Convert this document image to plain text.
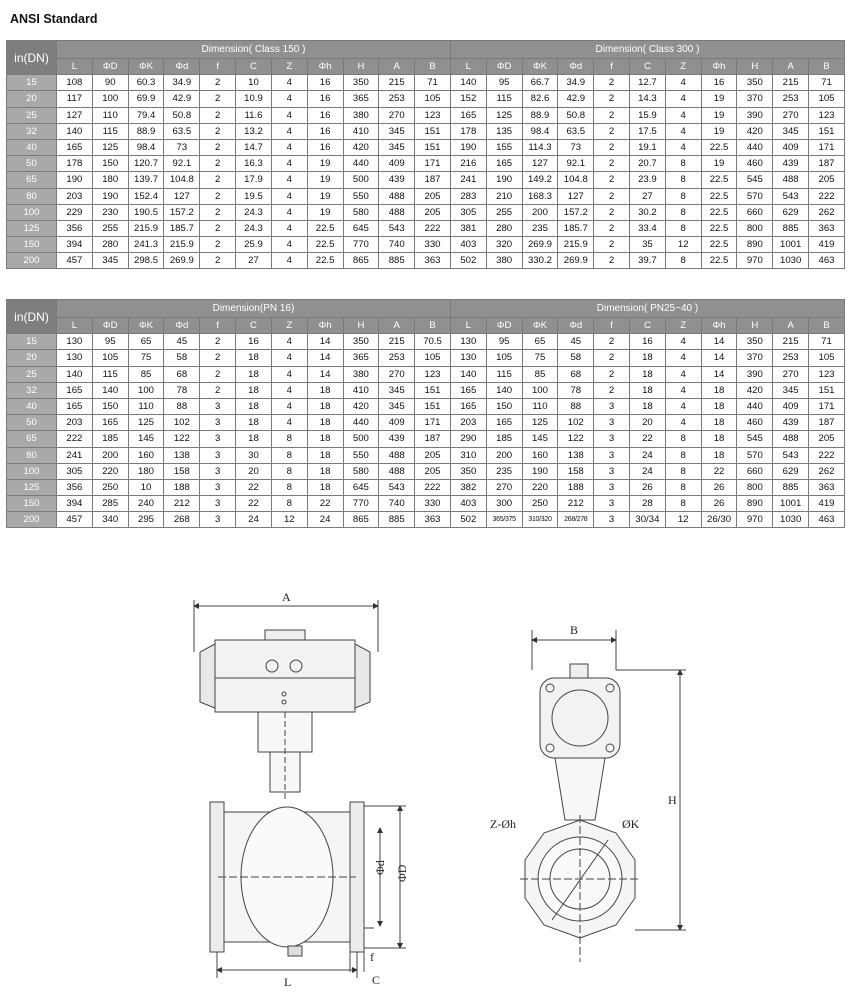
ANSI Standard
in(DN)	Dimension( Class 150 )											Dimension( Class 300 )										
	L	ΦD	ΦK	Φd	f	C	Z	Φh	H	A	B	L	ΦD	ΦK	Φd	f	C	Z	Φh	H	A	B
15	108	90	60.3	34.9	2	10	4	16	350	215	71	140	95	66.7	34.9	2	12.7	4	16	350	215	71
20	117	100	69.9	42.9	2	10.9	4	16	365	253	105	152	115	82.6	42.9	2	14.3	4	19	370	253	105
25	127	110	79.4	50.8	2	11.6	4	16	380	270	123	165	125	88.9	50.8	2	15.9	4	19	390	270	123
32	140	115	88.9	63.5	2	13.2	4	16	410	345	151	178	135	98.4	63.5	2	17.5	4	19	420	345	151
40	165	125	98.4	73	2	14.7	4	16	420	345	151	190	155	114.3	73	2	19.1	4	22.5	440	409	171
50	178	150	120.7	92.1	2	16.3	4	19	440	409	171	216	165	127	92.1	2	20.7	8	19	460	439	187
65	190	180	139.7	104.8	2	17.9	4	19	500	439	187	241	190	149.2	104.8	2	23.9	8	22.5	545	488	205
80	203	190	152.4	127	2	19.5	4	19	550	488	205	283	210	168.3	127	2	27	8	22.5	570	543	222
100	229	230	190.5	157.2	2	24.3	4	19	580	488	205	305	255	200	157.2	2	30.2	8	22.5	660	629	262
125	356	255	215.9	185.7	2	24.3	4	22.5	645	543	222	381	280	235	185.7	2	33.4	8	22.5	800	885	363
150	394	280	241.3	215.9	2	25.9	4	22.5	770	740	330	403	320	269.9	215.9	2	35	12	22.5	890	1001	419
200	457	345	298.5	269.9	2	27	4	22.5	865	885	363	502	380	330.2	269.9	2	39.7	8	22.5	970	1030	463
in(DN)	Dimension(PN 16)											Dimension( PN25~40 )										
	L	ΦD	ΦK	Φd	f	C	Z	Φh	H	A	B	L	ΦD	ΦK	Φd	f	C	Z	Φh	H	A	B
15	130	95	65	45	2	16	4	14	350	215	70.5	130	95	65	45	2	16	4	14	350	215	71
20	130	105	75	58	2	18	4	14	365	253	105	130	105	75	58	2	18	4	14	370	253	105
25	140	115	85	68	2	18	4	14	380	270	123	140	115	85	68	2	18	4	14	390	270	123
32	165	140	100	78	2	18	4	18	410	345	151	165	140	100	78	2	18	4	18	420	345	151
40	165	150	110	88	3	18	4	18	420	345	151	165	150	110	88	3	18	4	18	440	409	171
50	203	165	125	102	3	18	4	18	440	409	171	203	165	125	102	3	20	4	18	460	439	187
65	222	185	145	122	3	18	8	18	500	439	187	290	185	145	122	3	22	8	18	545	488	205
80	241	200	160	138	3	30	8	18	550	488	205	310	200	160	138	3	24	8	18	570	543	222
100	305	220	180	158	3	20	8	18	580	488	205	350	235	190	158	3	24	8	22	660	629	262
125	356	250	10	188	3	22	8	18	645	543	222	382	270	220	188	3	26	8	26	800	885	363
150	394	285	240	212	3	22	8	22	770	740	330	403	300	250	212	3	28	8	26	890	1001	419
200	457	340	295	268	3	24	12	24	865	885	363	502	365/375	310/320	268/278	3	30/34	12	26/30	970	1030	463
A
L
f
C
Φd ΦD
B
H
Z-Øh	ØK
